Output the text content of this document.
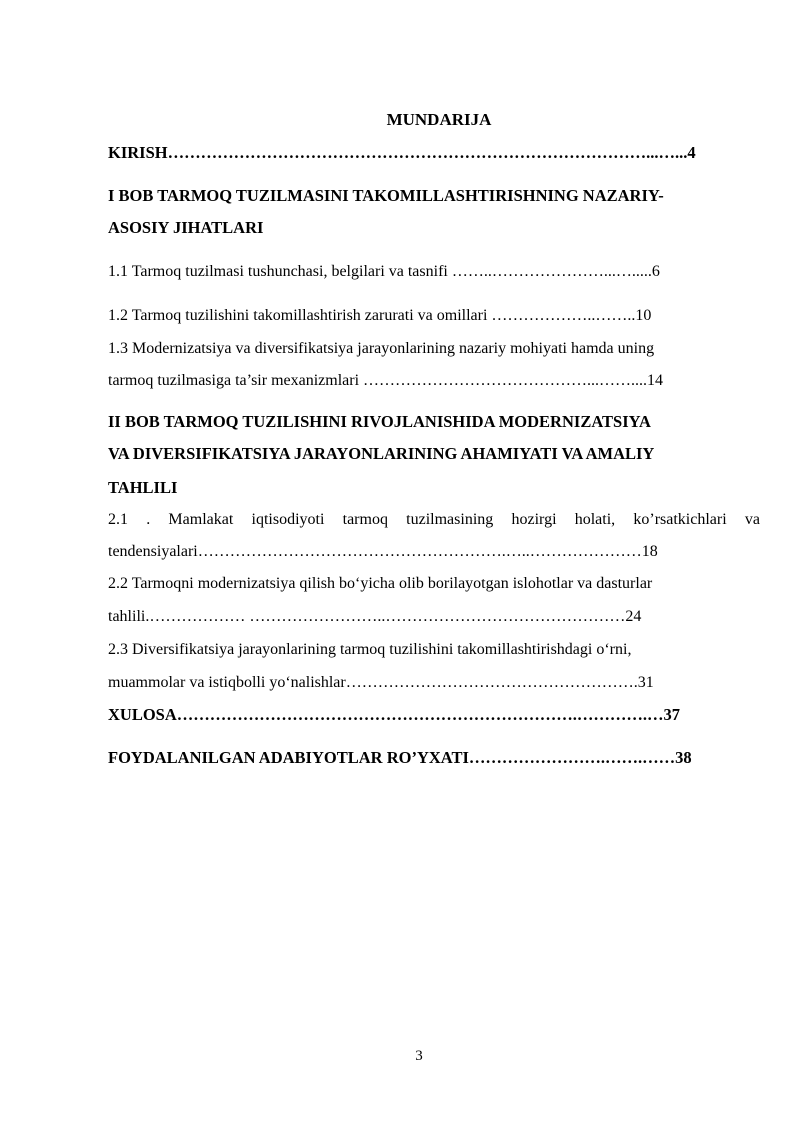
MUNDARIJA
KIRISH……………………………………………………………………………...…...4
I BOB TARMOQ TUZILMASINI TAKOMILLASHTIRISHNING NAZARIY-
ASOSIY JIHATLARI
1.1 Tarmoq tuzilmasi tushunchasi, belgilari va tasnifi ……..…………………...….....6
1.2 Tarmoq tuzilishini takomillashtirish zarurati va omillari ………………..……..10
1.3 Modernizatsiya va diversifikatsiya jarayonlarining nazariy mohiyati hamda uning
tarmoq tuzilmasiga ta’sir mexanizmlari ……………………………………...……....14
II BOB TARMOQ TUZILISHINI RIVOJLANISHIDA MODERNIZATSIYA
VA DIVERSIFIKATSIYA JARAYONLARINING AHAMIYATI VA AMALIY
TAHLILI
2.1 . Mamlakat iqtisodiyoti tarmoq tuzilmasining hozirgi holati, ko’rsatkichlari va
tendensiyalari………………………………………………….…..…………………18
2.2 Tarmoqni modernizatsiya qilish bo‘yicha olib borilayotgan islohotlar va dasturlar
tahlili.……………… ……………………..………………………………………24
2.3 Diversifikatsiya jarayonlarining tarmoq tuzilishini takomillashtirishdagi o‘rni,
muammolar va istiqbolli yo‘nalishlar……………………………………………….31
XULOSA……………………………………………………………….………….…37
FOYDALANILGAN ADABIYOTLAR RO’YXATI…………………….…….……38
3
